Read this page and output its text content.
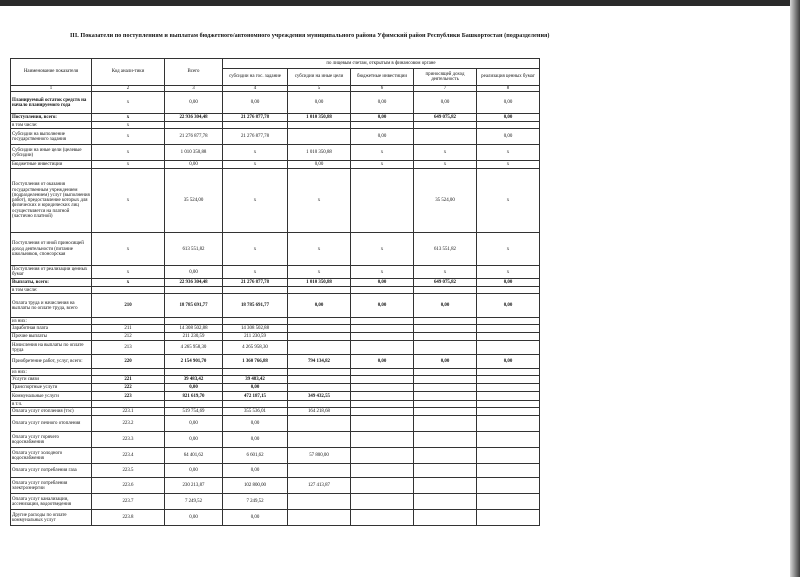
III. Показатели по поступлениям и выплатам бюджетного/автономного учреждения муниципального района Уфимский район Республики Башкортостан (подразделения)
Наименование показателя	Код анали-тики	Всего	по лицевым счетам, открытым в финансовом органе				
			субсидии на гос. задание	субсидии на иные цели	бюджетные инвестиции	приносящей доход деятельность	реализация ценных бумаг
1	2	3	4	5	6	7	8
Планируемый остаток средств на начало планируемого года	x	0,00	0,00	0,00	0,00	0,00	0,00
Поступления, всего:	x	22 936 304,48	21 276 877,78	1 010 350,88	0,00	649 075,82	0,00
в том числе:	x						
Субсидии на выполнение государственного задания	x	21 276 877,78	21 276 877,78		0,00		0,00
Субсидии на иные цели (целевые субсидии)	x	1 010 350,88	x	1 010 350,88	x	x	x
Бюджетные инвестиции	x	0,00	x	0,00	x	x	x
Поступления от оказания государственным учреждением (подразделением) услуг (выполнения работ), предоставление которых для физических и юридических лиц осуществляется на платной (частично платной)	x	35 524,00	x	x		35 524,00	x
Поступления от иной приносящей доход деятельности (питание школьников, спонсорская	x	613 551,82	x	x	x	613 551,82	x
Поступления от реализации ценных бумаг	x	0,00	x	x	x	x	x
Выплаты, всего:	x	22 936 304,48	21 276 877,78	1 010 350,88	0,00	649 075,82	0,00
в том числе:							
Оплата труда и начисления на выплаты по оплате труда, всего	210	18 785 691,77	18 785 691,77	0,00	0,00	0,00	0,00
из них:							
Заработная плата	211	14 308 502,88	14 308 502,88				
Прочие выплаты	212	211 230,59	211 230,59				
Начисления на выплаты по оплате труда	213	4 265 958,30	4 265 958,30				
Приобретение работ, услуг, всего:	220	2 154 901,70	1 360 766,88	794 134,82	0,00	0,00	0,00
из них:							
Услуги связи	221	39 483,42	39 483,42				
Транспортные услуги	222	0,00	0,00				
Коммунальные услуги	223	821 619,70	472 187,15	349 432,55			
в т.ч.							
Оплата услуг отопления (тэс)	223.1	519 754,69	355 536,01	164 218,68			
Оплата услуг печного отопления	223.2	0,00	0,00				
Оплата услуг горячего водоснабжения	223.3	0,00	0,00				
Оплата услуг холодного водоснабжения	223.4	64 401,62	6 601,62	57 800,00			
Оплата услуг потребления газа	223.5	0,00	0,00				
Оплата услуг потребления электроэнергии	223.6	230 213,87	102 800,00	127 413,87			
Оплата услуг канализации, ассенизации, водоотведения	223.7	7 249,52	7 249,52				
Другие расходы по оплате коммунальных услуг	223.8	0,00	0,00				
